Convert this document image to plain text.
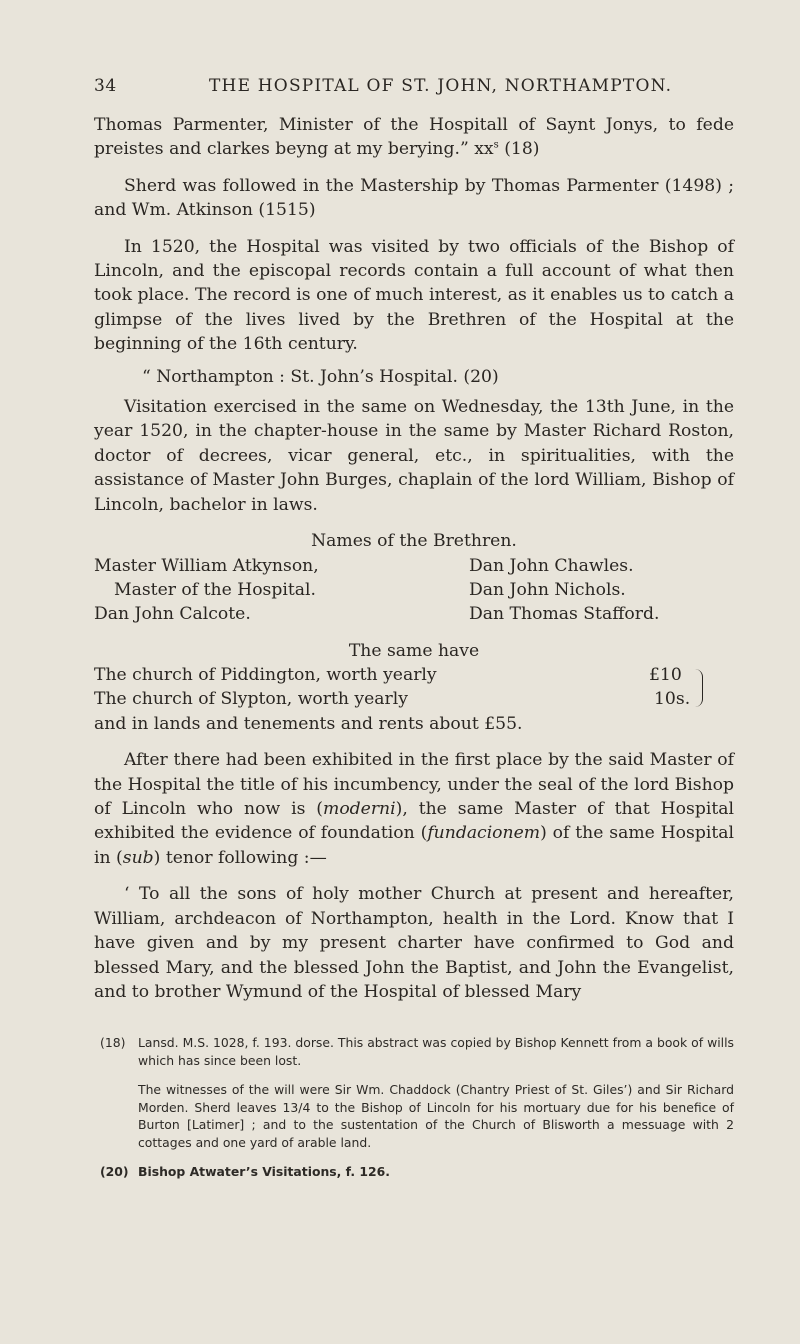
34	THE HOSPITAL OF ST. JOHN, NORTHAMPTON.

Thomas Parmenter, Minister of the Hospitall of Saynt Jonys, to fede preistes and clarkes beyng at my berying.” $xx^s$ (18)

Sherd was followed in the Mastership by Thomas Parmenter (1498) ; and Wm. Atkinson (1515)

In 1520, the Hospital was visited by two officials of the Bishop of Lincoln, and the episcopal records contain a full account of what then took place. The record is one of much interest, as it enables us to catch a glimpse of the lives lived by the Brethren of the Hospital at the beginning of the 16th century.

“ Northampton : St. John’s Hospital. (20)

Visitation exercised in the same on Wednesday, the 13th June, in the year 1520, in the chapter-house in the same by Master Richard Roston, doctor of decrees, vicar general, etc., in spiritualities, with the assistance of Master John Burges, chaplain of the lord William, Bishop of Lincoln, bachelor in laws.

Names of the Brethren.

Master William Atkynson,	Dan John Chawles.
Master of the Hospital.	Dan John Nichols.
Dan John Calcote.	Dan Thomas Stafford.

The same have

The church of Piddington, worth yearly	£10
The church of Slypton, worth yearly	10s.
and in lands and tenements and rents about £55.

After there had been exhibited in the first place by the said Master of the Hospital the title of his incumbency, under the seal of the lord Bishop of Lincoln who now is (moderni), the same Master of that Hospital exhibited the evidence of foundation (fundacionem) of the same Hospital in (sub) tenor following :—

‘ To all the sons of holy mother Church at present and hereafter, William, archdeacon of Northampton, health in the Lord. Know that I have given and by my present charter have confirmed to God and blessed Mary, and the blessed John the Baptist, and John the Evangelist, and to brother Wymund of the Hospital of blessed Mary

(18) Lansd. M.S. 1028, f. 193. dorse. This abstract was copied by Bishop Kennett from a book of wills which has since been lost.

The witnesses of the will were Sir Wm. Chaddock (Chantry Priest of St. Giles’) and Sir Richard Morden. Sherd leaves 13/4 to the Bishop of Lincoln for his mortuary due for his benefice of Burton [Latimer] ; and to the sustentation of the Church of Blisworth a messuage with 2 cottages and one yard of arable land.

(20) Bishop Atwater’s Visitations, f. 126.
